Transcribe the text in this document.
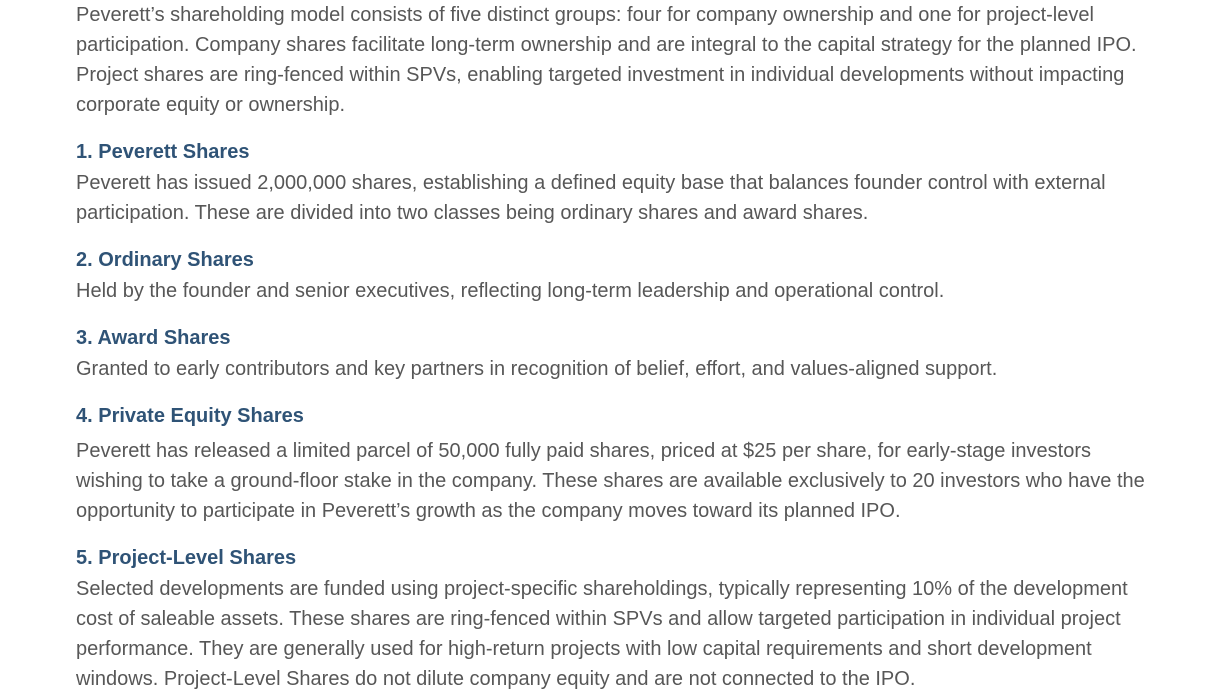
Peverett’s shareholding model consists of five distinct groups: four for company ownership and one for project-level participation. Company shares facilitate long-term ownership and are integral to the capital strategy for the planned IPO. Project shares are ring-fenced within SPVs, enabling targeted investment in individual developments without impacting corporate equity or ownership.

1. Peverett Shares

Peverett has issued 2,000,000 shares, establishing a defined equity base that balances founder control with external participation. These are divided into two classes being ordinary shares and award shares.

2. Ordinary Shares

Held by the founder and senior executives, reflecting long-term leadership and operational control.

3. Award Shares

Granted to early contributors and key partners in recognition of belief, effort, and values-aligned support.

4. Private Equity Shares

Peverett has released a limited parcel of 50,000 fully paid shares, priced at $25 per share, for early-stage investors wishing to take a ground-floor stake in the company. These shares are available exclusively to 20 investors who have the opportunity to participate in Peverett’s growth as the company moves toward its planned IPO.

5. Project-Level Shares

Selected developments are funded using project-specific shareholdings, typically representing 10% of the development cost of saleable assets. These shares are ring-fenced within SPVs and allow targeted participation in individual project performance. They are generally used for high-return projects with low capital requirements and short development windows. Project-Level Shares do not dilute company equity and are not connected to the IPO.
